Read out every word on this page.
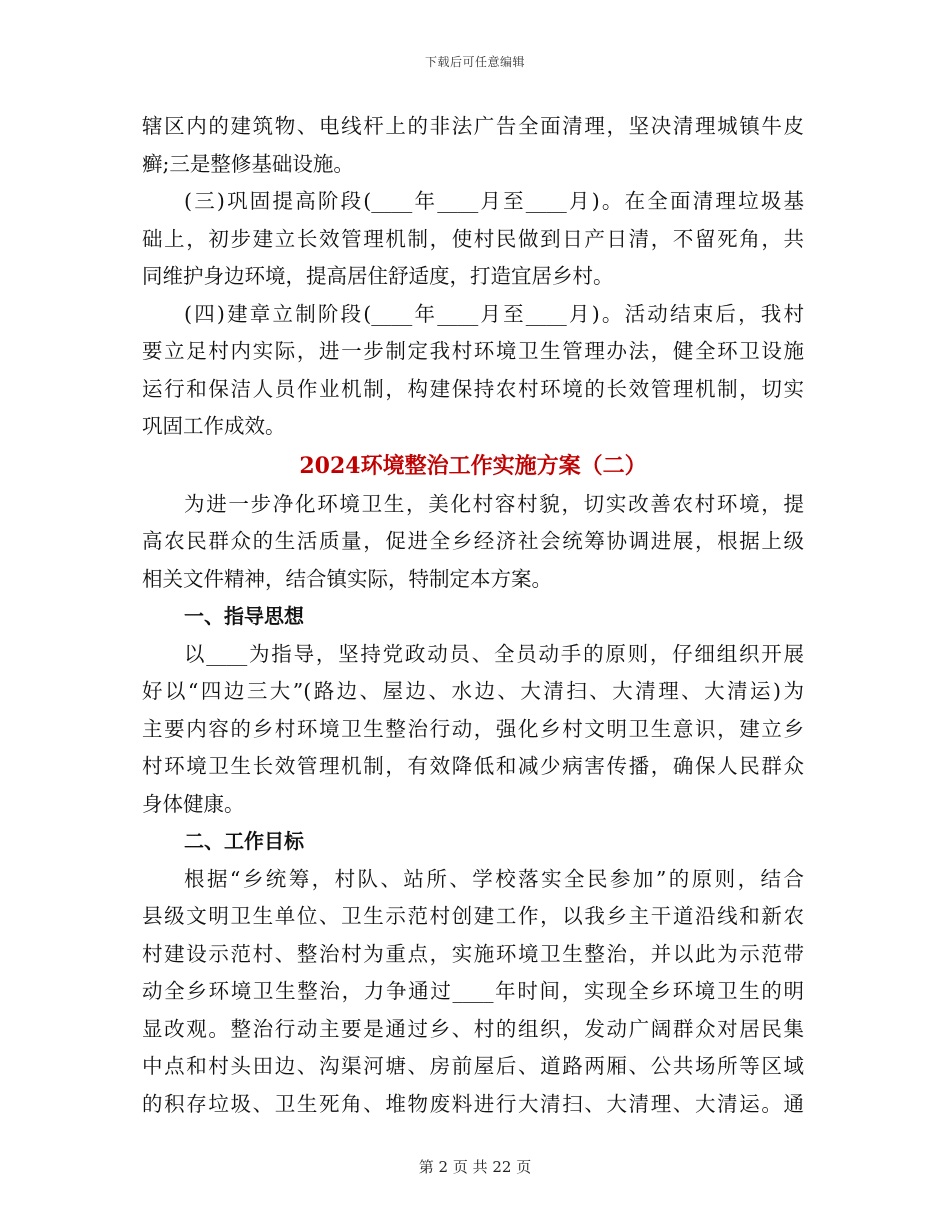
下载后可任意编辑
辖区内的建筑物、电线杆上的非法广告全面清理，坚决清理城镇牛皮
癣;三是整修基础设施。
(三)巩固提高阶段(____年____月至____月)。在全面清理垃圾基
础上，初步建立长效管理机制，使村民做到日产日清，不留死角，共
同维护身边环境，提高居住舒适度，打造宜居乡村。
(四)建章立制阶段(____年____月至____月)。活动结束后，我村
要立足村内实际，进一步制定我村环境卫生管理办法，健全环卫设施
运行和保洁人员作业机制，构建保持农村环境的长效管理机制，切实
巩固工作成效。
2024环境整治工作实施方案（二）
为进一步净化环境卫生，美化村容村貌，切实改善农村环境，提
高农民群众的生活质量，促进全乡经济社会统筹协调进展，根据上级
相关文件精神，结合镇实际，特制定本方案。
一、指导思想
以____为指导，坚持党政动员、全员动手的原则，仔细组织开展
好以“四边三大”(路边、屋边、水边、大清扫、大清理、大清运)为
主要内容的乡村环境卫生整治行动，强化乡村文明卫生意识，建立乡
村环境卫生长效管理机制，有效降低和减少病害传播，确保人民群众
身体健康。
二、工作目标
根据“乡统筹，村队、站所、学校落实全民参加”的原则，结合
县级文明卫生单位、卫生示范村创建工作，以我乡主干道沿线和新农
村建设示范村、整治村为重点，实施环境卫生整治，并以此为示范带
动全乡环境卫生整治，力争通过____年时间，实现全乡环境卫生的明
显改观。整治行动主要是通过乡、村的组织，发动广阔群众对居民集
中点和村头田边、沟渠河塘、房前屋后、道路两厢、公共场所等区域
的积存垃圾、卫生死角、堆物废料进行大清扫、大清理、大清运。通
第 2 页 共 22 页
